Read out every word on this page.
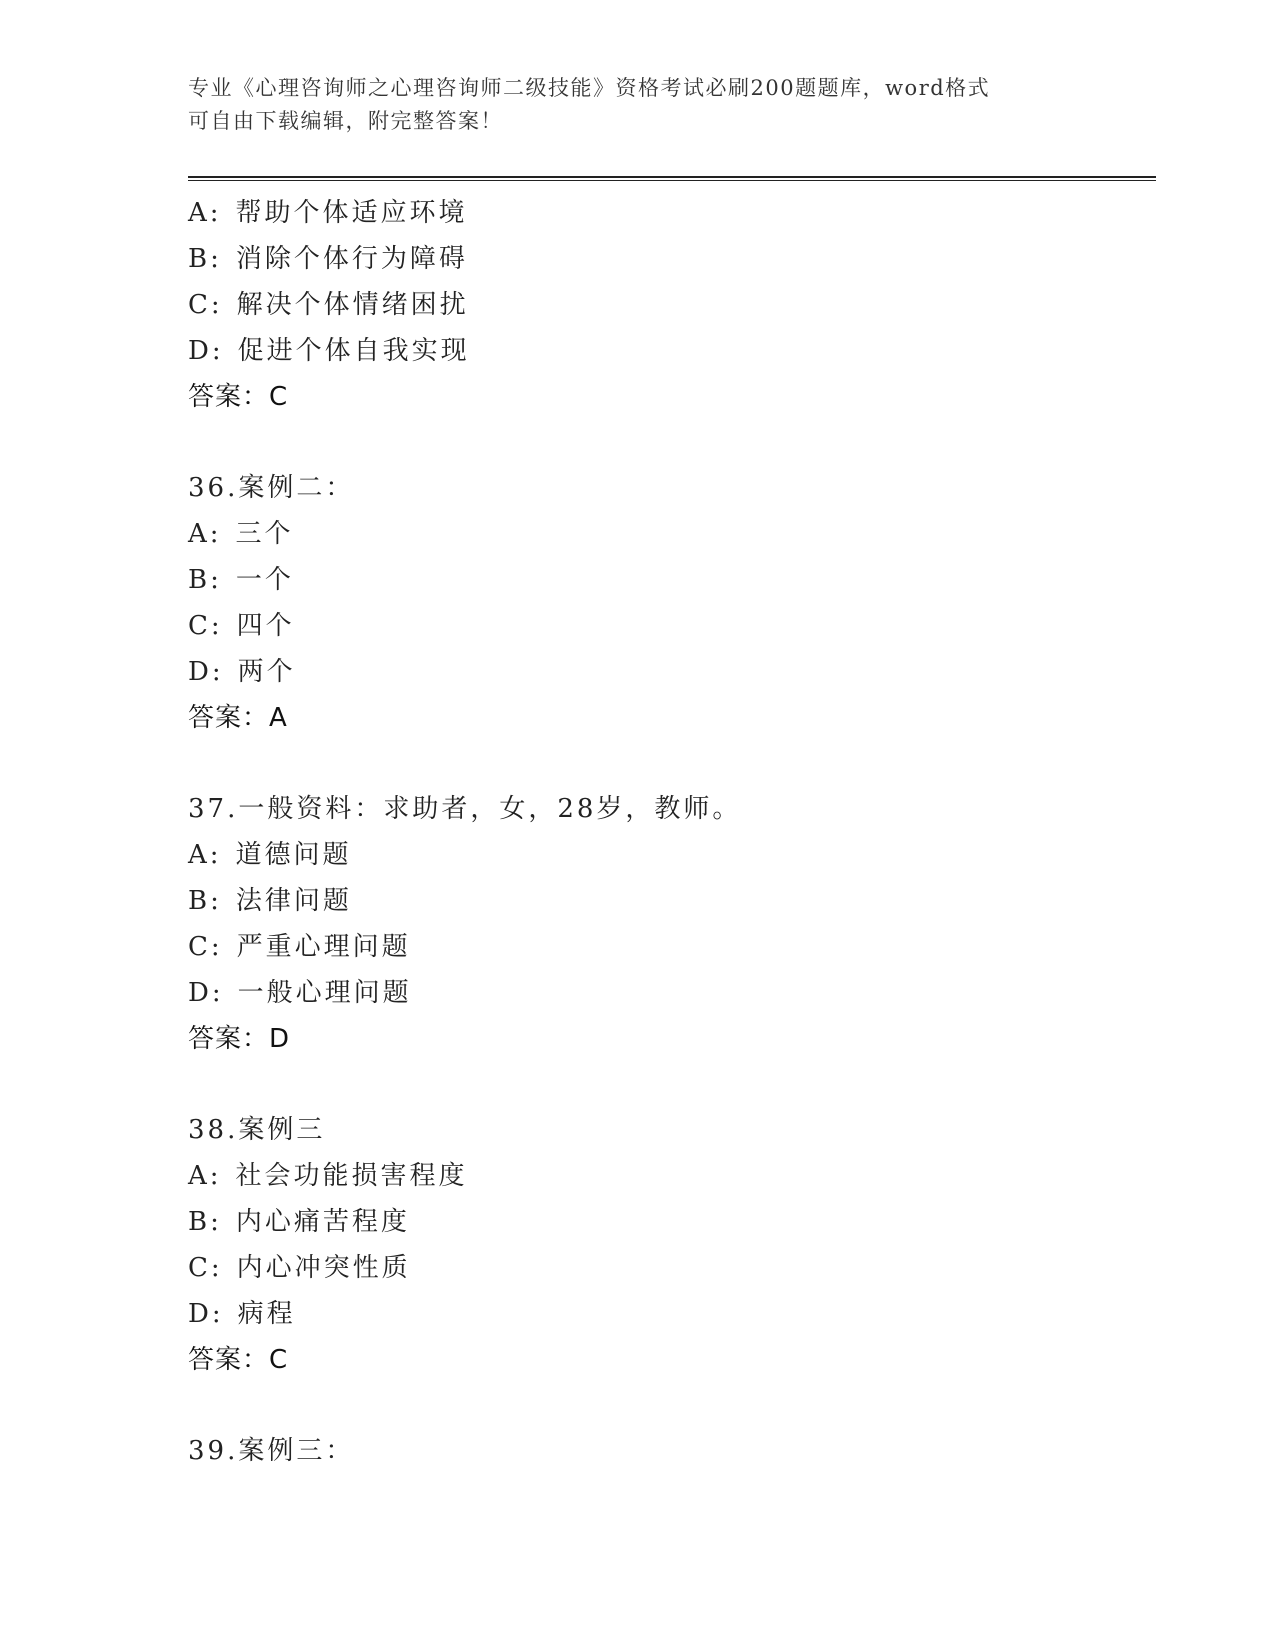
专业《心理咨询师之心理咨询师二级技能》资格考试必刷200题题库，word格式
可自由下载编辑，附完整答案！
A: 帮助个体适应环境
B: 消除个体行为障碍
C: 解决个体情绪困扰
D: 促进个体自我实现
答案：C
36.案例二：
A: 三个
B: 一个
C: 四个
D: 两个
答案：A
37.一般资料：求助者，女，28岁，教师。
A: 道德问题
B: 法律问题
C: 严重心理问题
D: 一般心理问题
答案：D
38.案例三
A: 社会功能损害程度
B: 内心痛苦程度
C: 内心冲突性质
D: 病程
答案：C
39.案例三：
